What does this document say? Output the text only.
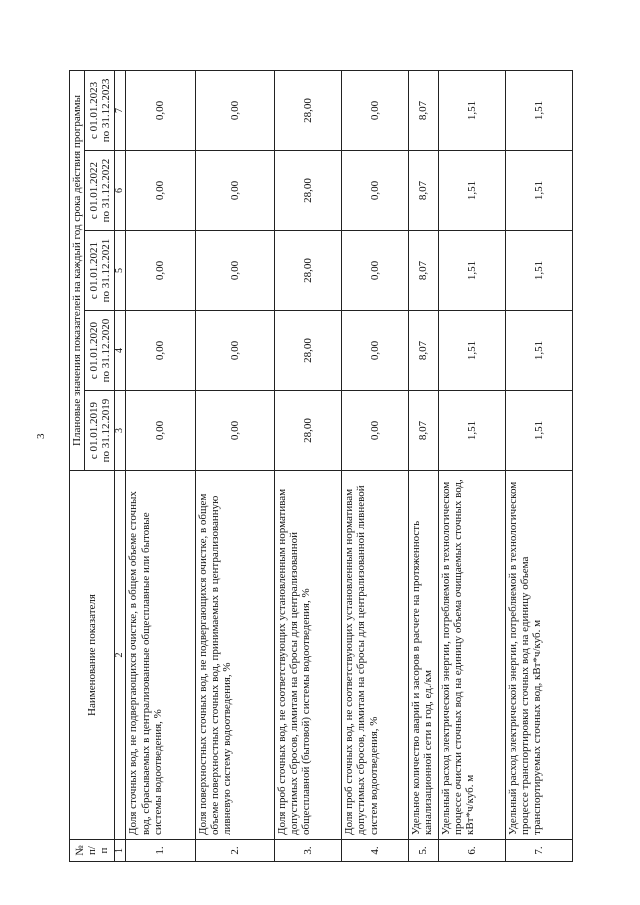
3
№ п/п	Наименование показателя	Плановые значения показателей на каждый год срока действия программы				
		с 01.01.2019 по 31.12.2019	с 01.01.2020 по 31.12.2020	с 01.01.2021 по 31.12.2021	с 01.01.2022 по 31.12.2022	с 01.01.2023 по 31.12.2023
1	2	3	4	5	6	7
1.	Доля сточных вод, не подвергающихся очистке, в общем объеме сточных вод, сбрасываемых в централизованные общесплавные или бытовые системы водоотведения, %	0,00	0,00	0,00	0,00	0,00
2.	Доля поверхностных сточных вод, не подвергающихся очистке, в общем объеме поверхностных сточных вод, принимаемых в централизованную ливневую систему водоотведения, %	0,00	0,00	0,00	0,00	0,00
3.	Доля проб сточных вод, не соответствующих установленным нормативам допустимых сбросов, лимитам на сбросы для централизованной общесплавной (бытовой) системы водоотведения, %	28,00	28,00	28,00	28,00	28,00
4.	Доля проб сточных вод, не соответствующих установленным нормативам допустимых сбросов, лимитам на сбросы для централизованной ливневой систем водоотведения, %	0,00	0,00	0,00	0,00	0,00
5.	Удельное количество аварий и засоров в расчете на протяженность канализационной сети в год, ед./км	8,07	8,07	8,07	8,07	8,07
6.	Удельный расход электрической энергии, потребляемой в технологическом процессе очистки сточных вод на единицу объема очищаемых сточных вод, кВт*ч/куб. м	1,51	1,51	1,51	1,51	1,51
7.	Удельный расход электрической энергии, потребляемой в технологическом процессе транспортировки сточных вод на единицу объема транспортируемых сточных вод, кВт*ч/куб. м	1,51	1,51	1,51	1,51	1,51
